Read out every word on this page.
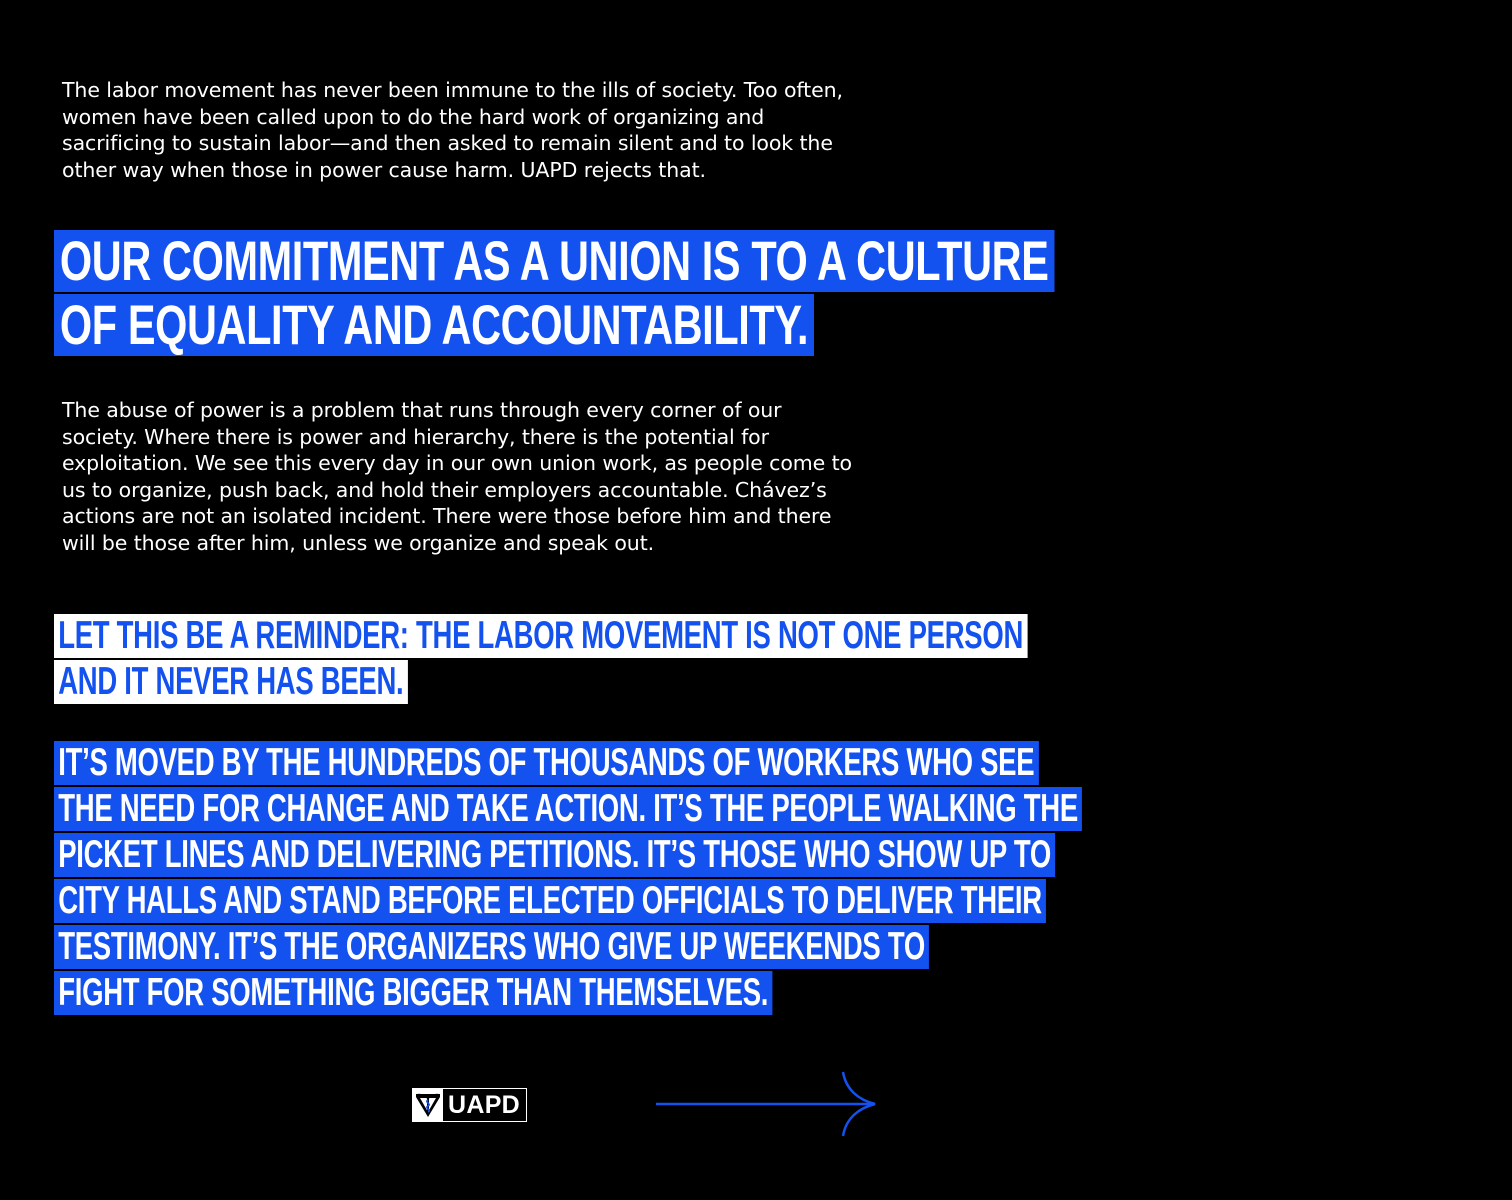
The labor movement has never been immune to the ills of society. Too often,
women have been called upon to do the hard work of organizing and
sacrificing to sustain labor—and then asked to remain silent and to look the
other way when those in power cause harm. UAPD rejects that.

OUR COMMITMENT AS A UNION IS TO A CULTURE
OF EQUALITY AND ACCOUNTABILITY.

The abuse of power is a problem that runs through every corner of our
society. Where there is power and hierarchy, there is the potential for
exploitation. We see this every day in our own union work, as people come to
us to organize, push back, and hold their employers accountable. Chávez’s
actions are not an isolated incident. There were those before him and there
will be those after him, unless we organize and speak out.

LET THIS BE A REMINDER: THE LABOR MOVEMENT IS NOT ONE PERSON
AND IT NEVER HAS BEEN.
IT’S MOVED BY THE HUNDREDS OF THOUSANDS OF WORKERS WHO SEE
THE NEED FOR CHANGE AND TAKE ACTION. IT’S THE PEOPLE WALKING THE
PICKET LINES AND DELIVERING PETITIONS. IT’S THOSE WHO SHOW UP TO
CITY HALLS AND STAND BEFORE ELECTED OFFICIALS TO DELIVER THEIR
TESTIMONY. IT’S THE ORGANIZERS WHO GIVE UP WEEKENDS TO
FIGHT FOR SOMETHING BIGGER THAN THEMSELVES.
UAPD
